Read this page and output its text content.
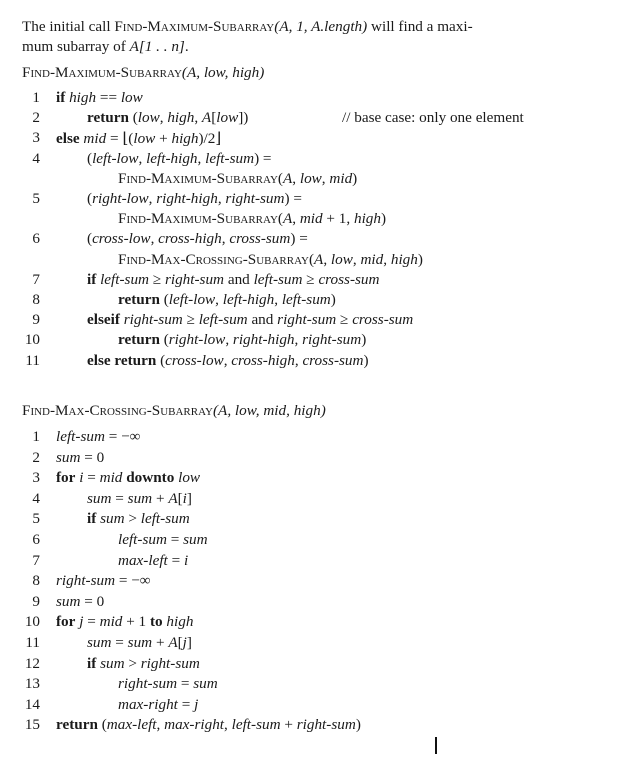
The initial call Find-Maximum-Subarray(A, 1, A.length) will find a maxi-
mum subarray of A[1 . . n].
Find-Maximum-Subarray(A, low, high)
1 if high == low
2	return (low, high, A[low])
3 else mid = ⌊(low + high)/2⌋
4	(left-low, left-high, left-sum) =
Find-Maximum-Subarray(A, low, mid)
5	(right-low, right-high, right-sum) =
Find-Maximum-Subarray(A, mid + 1, high)
6	(cross-low, cross-high, cross-sum) =
Find-Max-Crossing-Subarray(A, low, mid, high)
7	if left-sum ≥ right-sum and left-sum ≥ cross-sum
8	return (left-low, left-high, left-sum)
9	elseif right-sum ≥ left-sum and right-sum ≥ cross-sum
10	return (right-low, right-high, right-sum)
11	else return (cross-low, cross-high, cross-sum)
// base case: only one element
Find-Max-Crossing-Subarray(A, low, mid, high)
1 left-sum = −∞
2 sum = 0
3 for i = mid downto low
4	sum = sum + A[i]
5	if sum > left-sum
6	left-sum = sum
7	max-left = i
8 right-sum = −∞
9 sum = 0
10 for j = mid + 1 to high
11	sum = sum + A[j]
12	if sum > right-sum
13	right-sum = sum
14	max-right = j
15 return (max-left, max-right, left-sum + right-sum)
